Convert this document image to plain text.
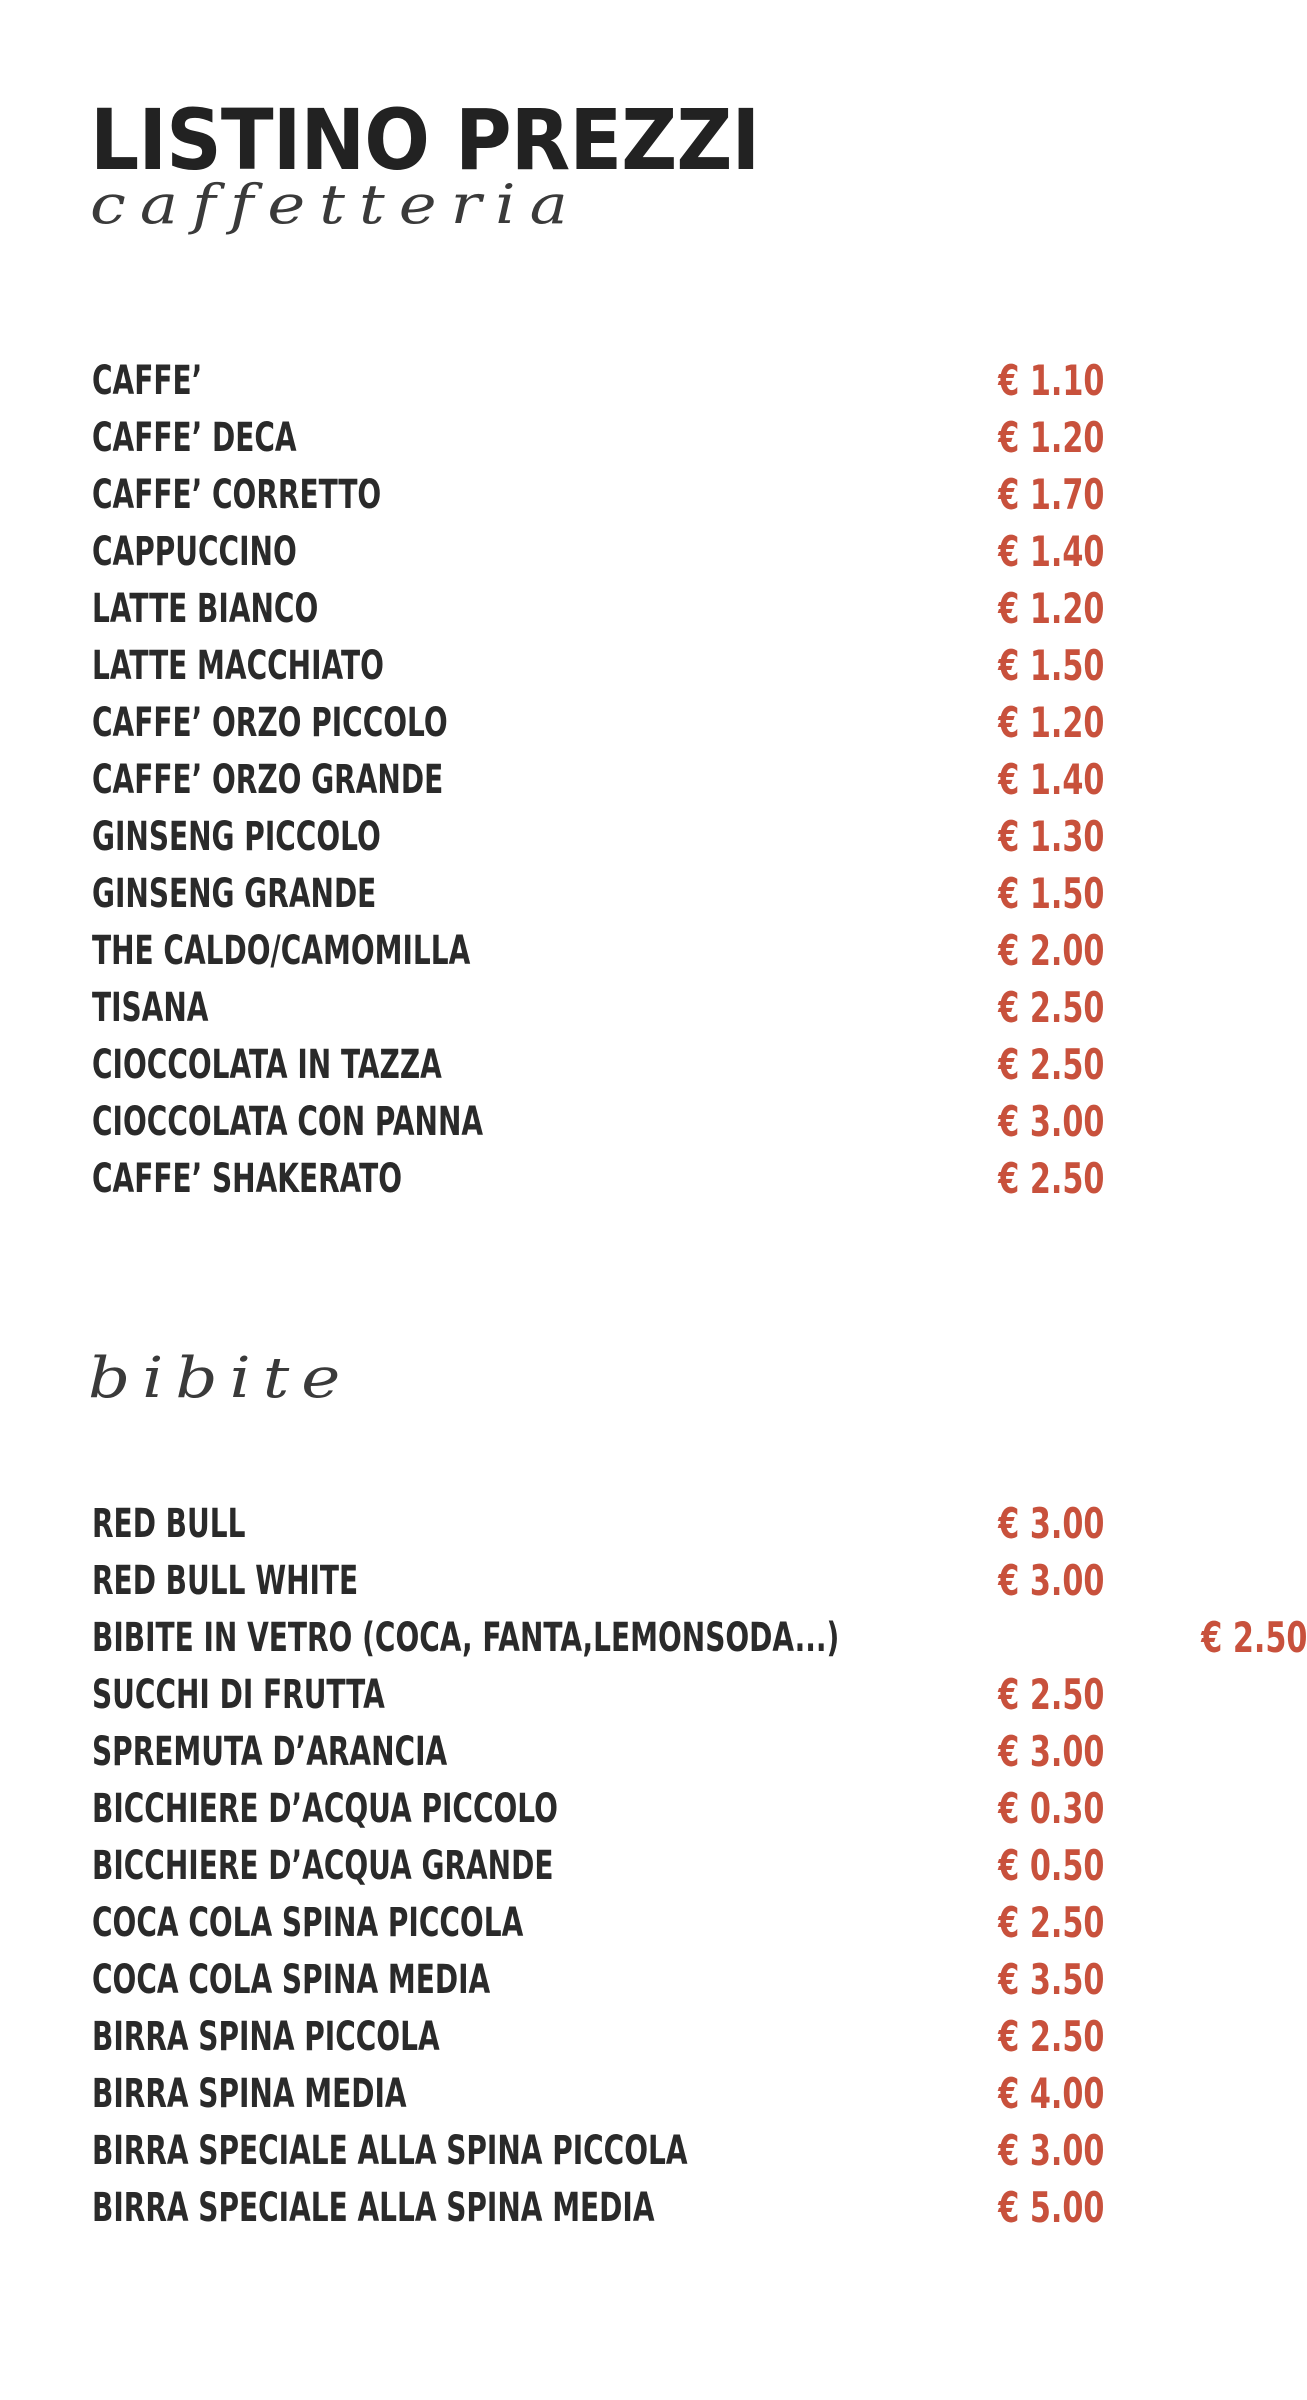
LISTINO PREZZI
caffetteria
CAFFE’	€ 1.10
CAFFE’ DECA	€ 1.20
CAFFE’ CORRETTO	€ 1.70
CAPPUCCINO	€ 1.40
LATTE BIANCO	€ 1.20
LATTE MACCHIATO	€ 1.50
CAFFE’ ORZO PICCOLO	€ 1.20
CAFFE’ ORZO GRANDE	€ 1.40
GINSENG PICCOLO	€ 1.30
GINSENG GRANDE	€ 1.50
THE CALDO/CAMOMILLA	€ 2.00
TISANA	€ 2.50
CIOCCOLATA IN TAZZA	€ 2.50
CIOCCOLATA CON PANNA	€ 3.00
CAFFE’ SHAKERATO	€ 2.50
bibite
RED BULL	€ 3.00
RED BULL WHITE	€ 3.00
BIBITE IN VETRO (COCA, FANTA,LEMONSODA...)	€ 2.50
SUCCHI DI FRUTTA	€ 2.50
SPREMUTA D’ARANCIA	€ 3.00
BICCHIERE D’ACQUA PICCOLO	€ 0.30
BICCHIERE D’ACQUA GRANDE	€ 0.50
COCA COLA SPINA PICCOLA	€ 2.50
COCA COLA SPINA MEDIA	€ 3.50
BIRRA SPINA PICCOLA	€ 2.50
BIRRA SPINA MEDIA	€ 4.00
BIRRA SPECIALE ALLA SPINA PICCOLA	€ 3.00
BIRRA SPECIALE ALLA SPINA MEDIA	€ 5.00
